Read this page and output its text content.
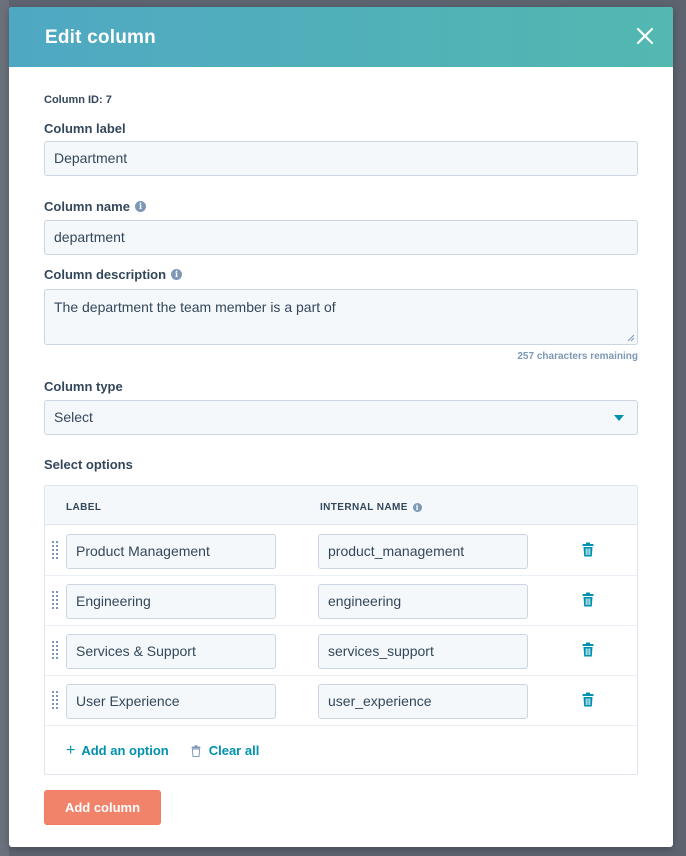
Edit column
Column ID: 7
Column label
Department
Column name	i
department
Column description	i
The department the team member is a part of
257 characters remaining
Column type
Select
Select options
LABEL	INTERNAL NAME	i
Product Management	product_management
Engineering	engineering
Services & Support	services_support
User Experience	user_experience
+ Add an option	Clear all
Add column
